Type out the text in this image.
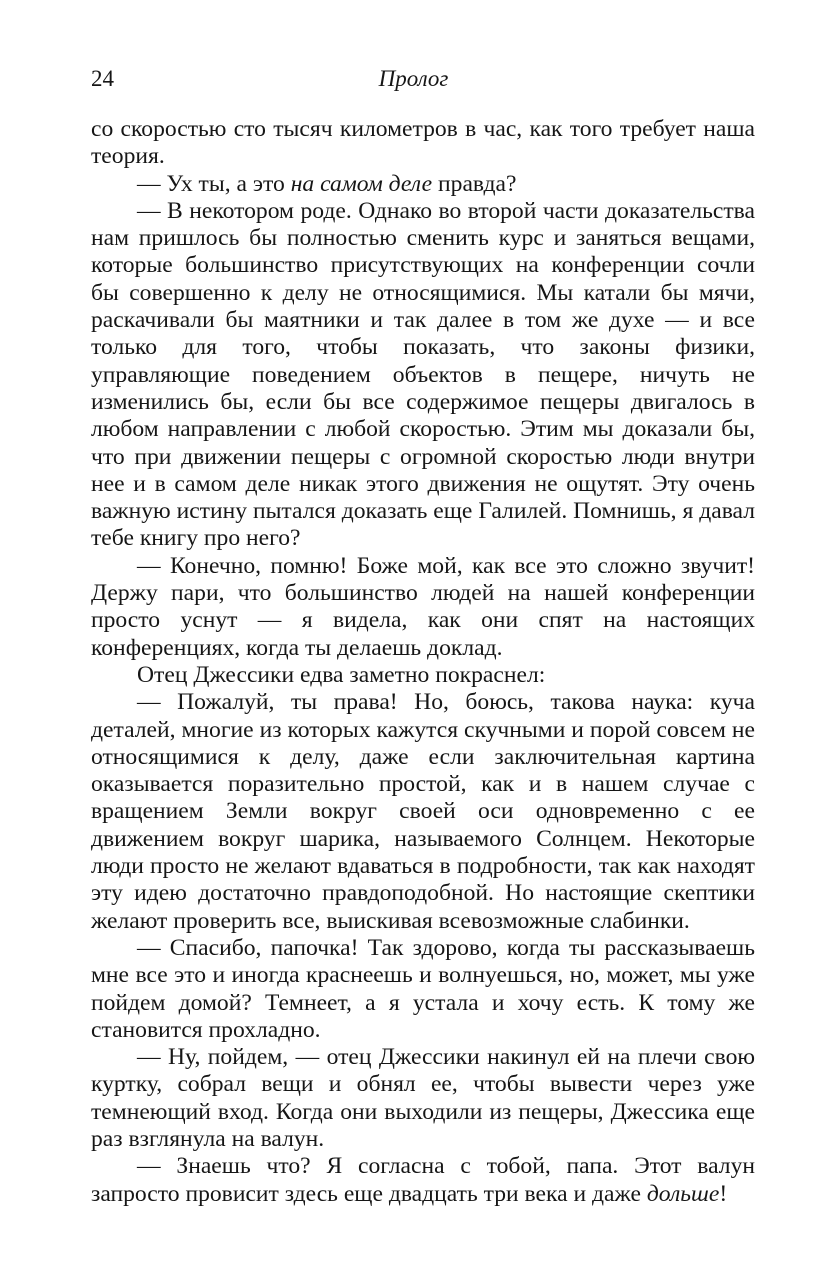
24	Пролог

со скоростью сто тысяч километров в час, как того требует наша теория.

— Ух ты, а это на самом деле правда?

— В некотором роде. Однако во второй части доказательства нам пришлось бы полностью сменить курс и заняться вещами, которые большинство присутствующих на конференции сочли бы совершенно к делу не относящимися. Мы катали бы мячи, раскачивали бы маятники и так далее в том же духе — и все только для того, чтобы показать, что законы физики, управляющие поведением объектов в пещере, ничуть не изменились бы, если бы все содержимое пещеры двигалось в любом направлении с любой скоростью. Этим мы доказали бы, что при движении пещеры с огромной скоростью люди внутри нее и в самом деле никак этого движения не ощутят. Эту очень важную истину пытался доказать еще Галилей. Помнишь, я давал тебе книгу про него?

— Конечно, помню! Боже мой, как все это сложно звучит! Держу пари, что большинство людей на нашей конференции просто уснут — я видела, как они спят на настоящих конференциях, когда ты делаешь доклад.

Отец Джессики едва заметно покраснел:

— Пожалуй, ты права! Но, боюсь, такова наука: куча деталей, многие из которых кажутся скучными и порой совсем не относящимися к делу, даже если заключительная картина оказывается поразительно простой, как и в нашем случае с вращением Земли вокруг своей оси одновременно с ее движением вокруг шарика, называемого Солнцем. Некоторые люди просто не желают вдаваться в подробности, так как находят эту идею достаточно правдоподобной. Но настоящие скептики желают проверить все, выискивая всевозможные слабинки.

— Спасибо, папочка! Так здорово, когда ты рассказываешь мне все это и иногда краснеешь и волнуешься, но, может, мы уже пойдем домой? Темнеет, а я устала и хочу есть. К тому же становится прохладно.

— Ну, пойдем, — отец Джессики накинул ей на плечи свою куртку, собрал вещи и обнял ее, чтобы вывести через уже темнеющий вход. Когда они выходили из пещеры, Джессика еще раз взглянула на валун.

— Знаешь что? Я согласна с тобой, папа. Этот валун запросто провисит здесь еще двадцать три века и даже дольше!
